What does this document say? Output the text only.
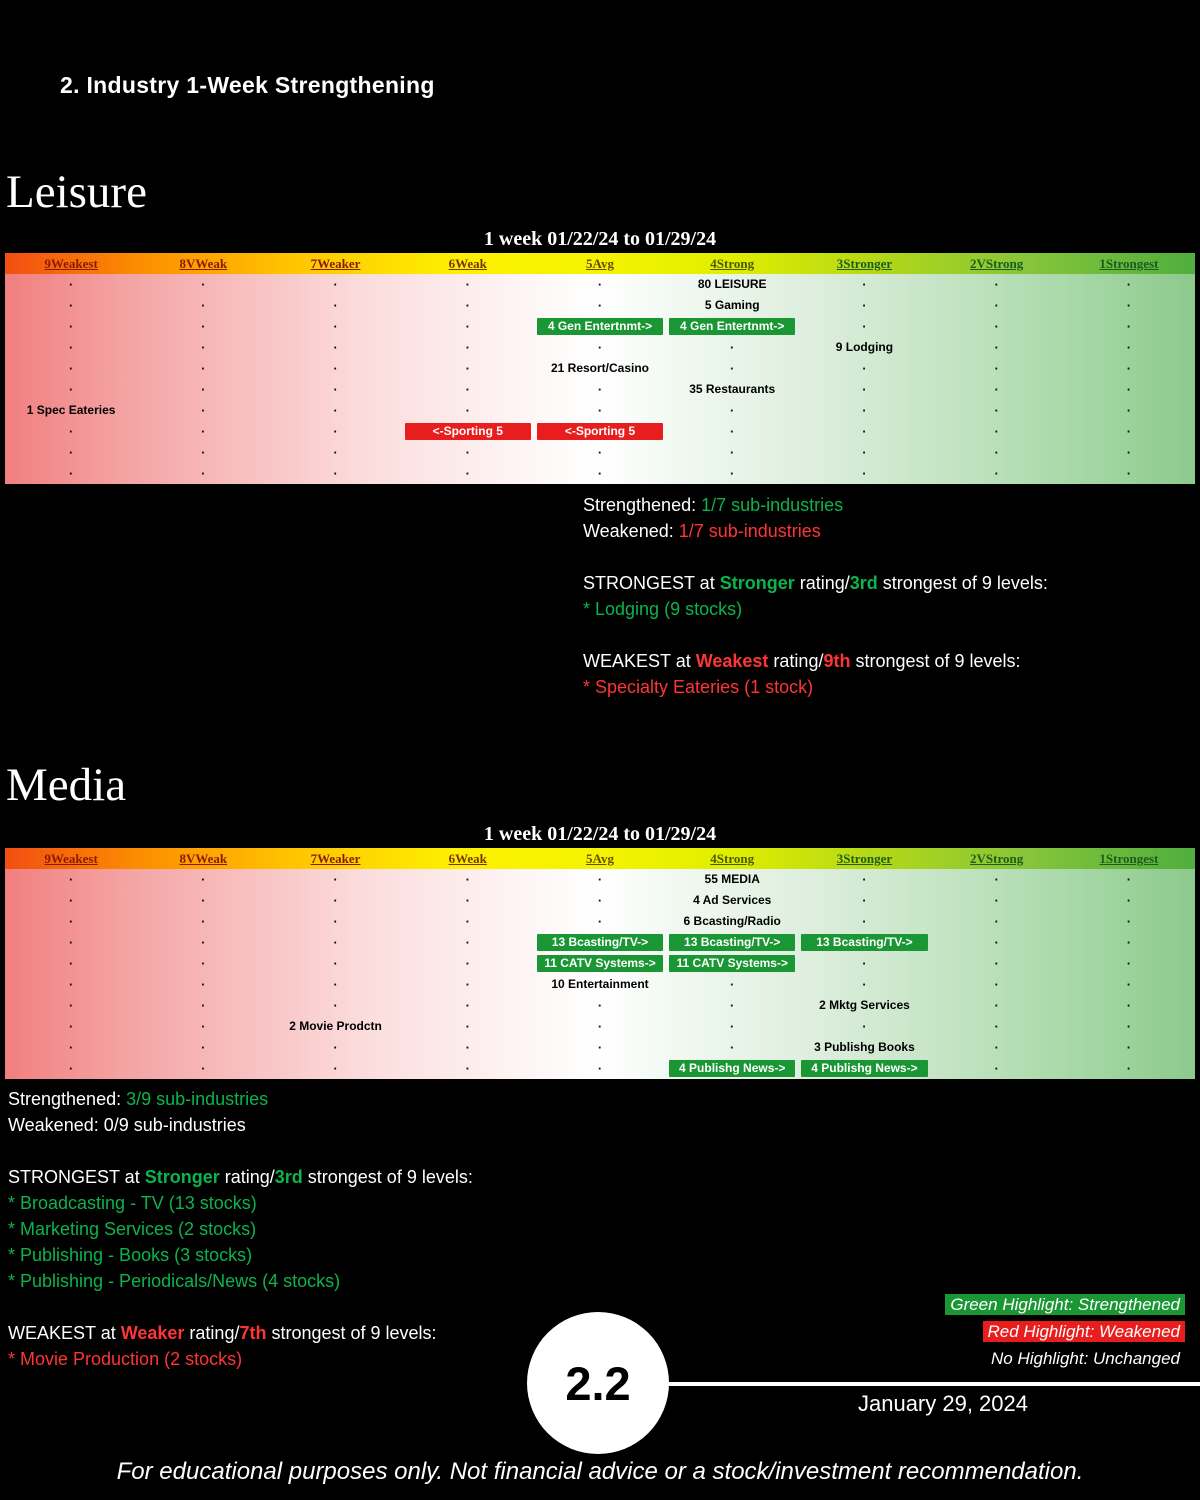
2. Industry 1-Week Strengthening
Leisure
1 week 01/22/24 to 01/29/24
9Weakest	8VWeak	7Weaker	6Weak	5Avg	4Strong	3Stronger	2VStrong	1Strongest
·	·	·	·	·	80 LEISURE	·	·	·
·	·	·	·	·	5 Gaming	·	·	·
·	·	·	·	4 Gen Entertnmt->	4 Gen Entertnmt->	·	·	·
·	·	·	·	·	·	9 Lodging	·	·
·	·	·	·	21 Resort/Casino	·	·	·	·
·	·	·	·	·	35 Restaurants	·	·	·
1 Spec Eateries	·	·	·	·	·	·	·	·
·	·	·	<-Sporting 5	<-Sporting 5	·	·	·	·
·	·	·	·	·	·	·	·	·
·	·	·	·	·	·	·	·	·
Strengthened: 1/7 sub-industries
Weakened: 1/7 sub-industries
STRONGEST at Stronger rating/3rd strongest of 9 levels:
* Lodging (9 stocks)
WEAKEST at Weakest rating/9th strongest of 9 levels:
* Specialty Eateries (1 stock)
Media
1 week 01/22/24 to 01/29/24
9Weakest	8VWeak	7Weaker	6Weak	5Avg	4Strong	3Stronger	2VStrong	1Strongest
·	·	·	·	·	55 MEDIA	·	·	·
·	·	·	·	·	4 Ad Services	·	·	·
·	·	·	·	·	6 Bcasting/Radio	·	·	·
·	·	·	·	13 Bcasting/TV->	13 Bcasting/TV->	13 Bcasting/TV->	·	·
·	·	·	·	11 CATV Systems->	11 CATV Systems->	·	·	·
·	·	·	·	10 Entertainment	·	·	·	·
·	·	·	·	·	·	2 Mktg Services	·	·
·	·	2 Movie Prodctn	·	·	·	·	·	·
·	·	·	·	·	·	3 Publishg Books	·	·
·	·	·	·	·	4 Publishg News->	4 Publishg News->	·	·
Strengthened: 3/9 sub-industries
Weakened: 0/9 sub-industries
STRONGEST at Stronger rating/3rd strongest of 9 levels:
* Broadcasting - TV (13 stocks)
* Marketing Services (2 stocks)
* Publishing - Books (3 stocks)
* Publishing - Periodicals/News (4 stocks)
WEAKEST at Weaker rating/7th strongest of 9 levels:
* Movie Production (2 stocks)
Green Highlight: Strengthened
Red Highlight: Weakened
No Highlight: Unchanged
2.2	January 29, 2024
For educational purposes only. Not financial advice or a stock/investment recommendation.
